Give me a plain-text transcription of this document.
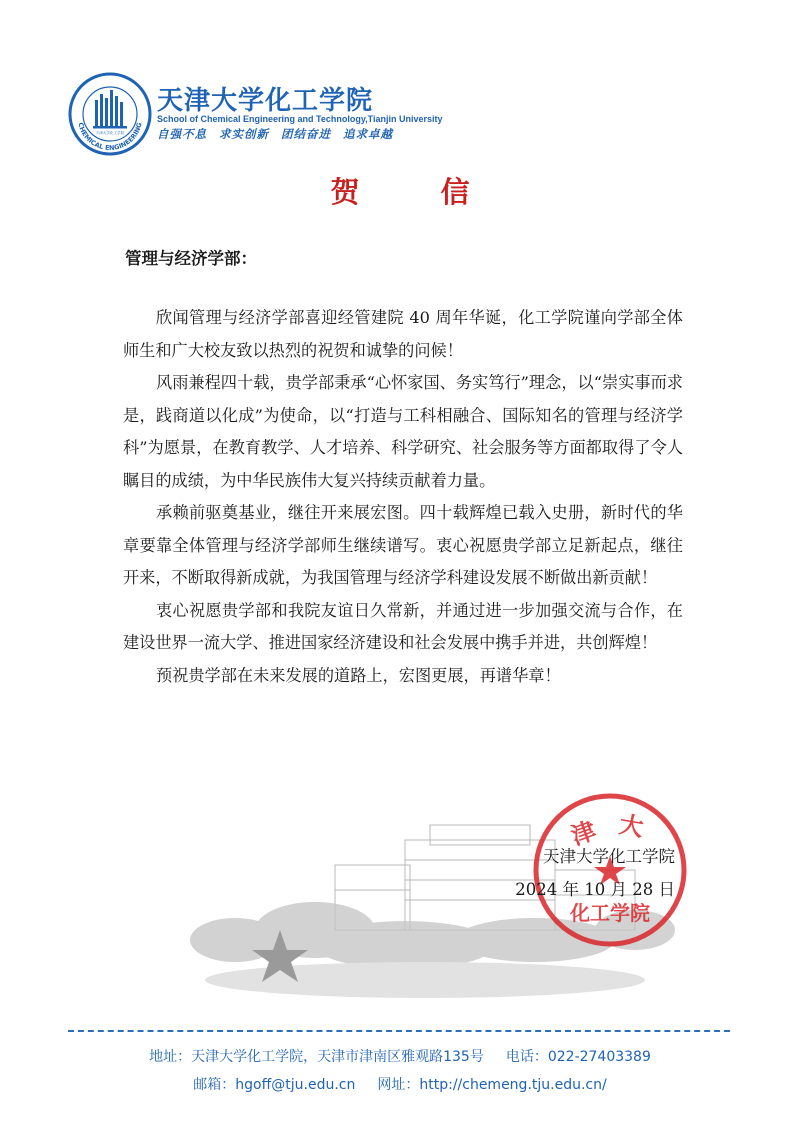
天津大学化工学院
CHEMICAL ENGINEERING
天津大学化工学院
School of Chemical Engineering and Technology,Tianjin University
自强不息 求实创新 团结奋进 追求卓越
贺　信
管理与经济学部：

欣闻管理与经济学部喜迎经管建院 40 周年华诞，化工学院谨向学部全体师生和广大校友致以热烈的祝贺和诚挚的问候！

风雨兼程四十载，贵学部秉承“心怀家国、务实笃行”理念，以“崇实事而求是，践商道以化成”为使命，以“打造与工科相融合、国际知名的管理与经济学科”为愿景，在教育教学、人才培养、科学研究、社会服务等方面都取得了令人瞩目的成绩，为中华民族伟大复兴持续贡献着力量。

承赖前驱奠基业，继往开来展宏图。四十载辉煌已载入史册，新时代的华章要靠全体管理与经济学部师生继续谱写。衷心祝愿贵学部立足新起点，继往开来，不断取得新成就，为我国管理与经济学科建设发展不断做出新贡献！

衷心祝愿贵学部和我院友谊日久常新，并通过进一步加强交流与合作，在建设世界一流大学、推进国家经济建设和社会发展中携手并进，共创辉煌！

预祝贵学部在未来发展的道路上，宏图更展，再谱华章！

津 大
化工学院
天津大学化工学院
2024 年 10 月 28 日
地址：天津大学化工学院，天津市津南区雅观路135号 电话：022-27403389
邮箱：hgoff@tju.edu.cn 网址：http://chemeng.tju.edu.cn/
